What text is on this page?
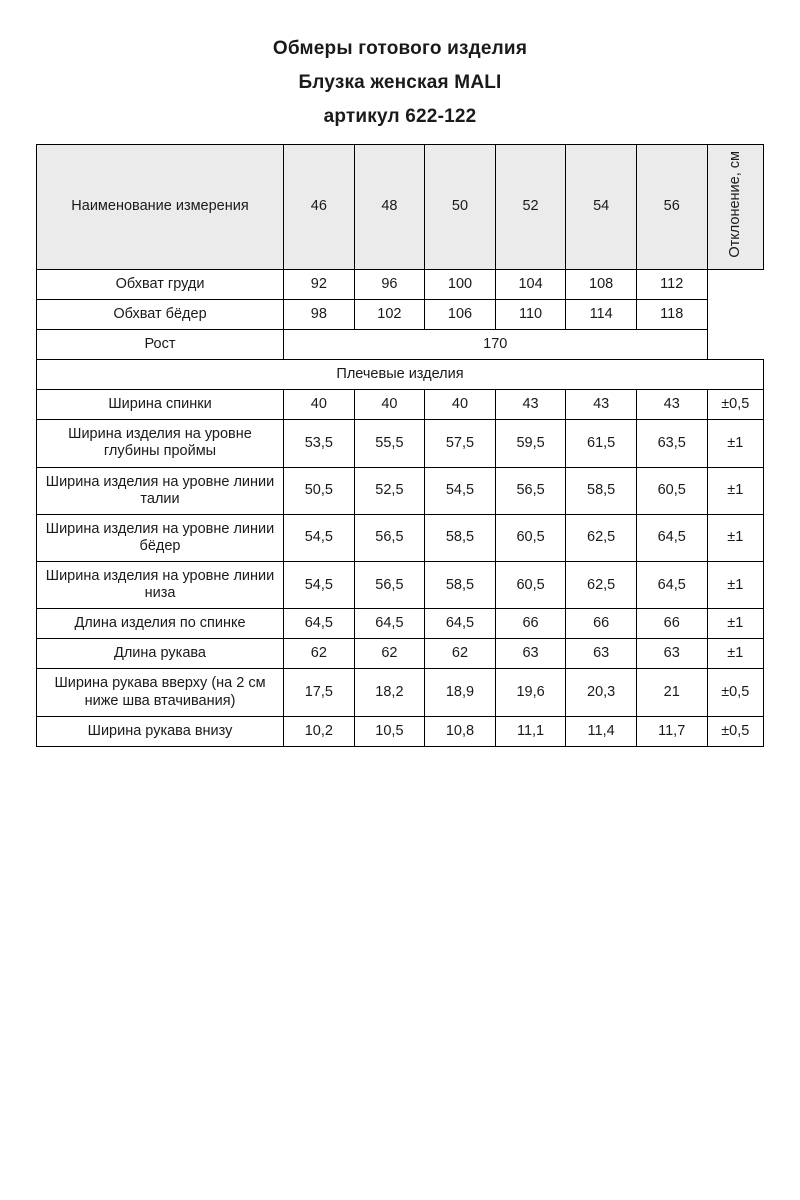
Обмеры готового изделия
Блузка женская MALI
артикул 622-122
Наименование измерения	46	48	50	52	54	56	Отклонение, см
Обхват груди	92	96	100	104	108	112	
Обхват бёдер	98	102	106	110	114	118	
Рост	170						
Плечевые изделия							
Ширина спинки	40	40	40	43	43	43	±0,5
Ширина изделия на уровне глубины проймы	53,5	55,5	57,5	59,5	61,5	63,5	±1
Ширина изделия на уровне линии талии	50,5	52,5	54,5	56,5	58,5	60,5	±1
Ширина изделия на уровне линии бёдер	54,5	56,5	58,5	60,5	62,5	64,5	±1
Ширина изделия на уровне линии низа	54,5	56,5	58,5	60,5	62,5	64,5	±1
Длина изделия по спинке	64,5	64,5	64,5	66	66	66	±1
Длина рукава	62	62	62	63	63	63	±1
Ширина рукава вверху (на 2 см ниже шва втачивания)	17,5	18,2	18,9	19,6	20,3	21	±0,5
Ширина рукава внизу	10,2	10,5	10,8	11,1	11,4	11,7	±0,5
